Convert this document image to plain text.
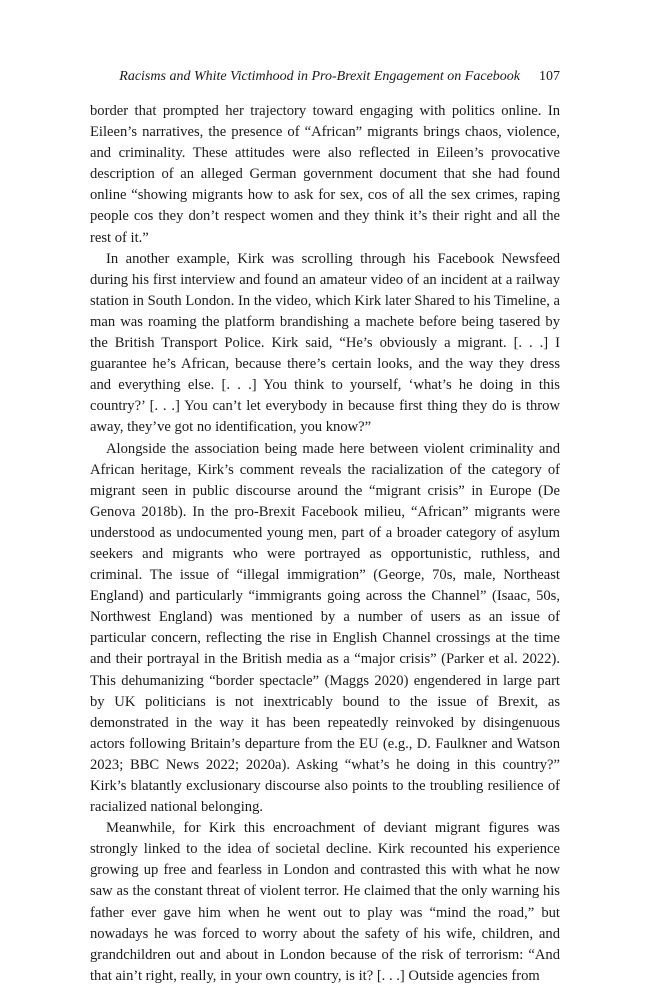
Racisms and White Victimhood in Pro-Brexit Engagement on Facebook 107

border that prompted her trajectory toward engaging with politics online. In Eileen’s narratives, the presence of “African” migrants brings chaos, violence, and criminality. These attitudes were also reflected in Eileen’s provocative description of an alleged German government document that she had found online “showing migrants how to ask for sex, cos of all the sex crimes, raping people cos they don’t respect women and they think it’s their right and all the rest of it.”

In another example, Kirk was scrolling through his Facebook Newsfeed during his first interview and found an amateur video of an incident at a railway station in South London. In the video, which Kirk later Shared to his Timeline, a man was roaming the platform brandishing a machete before being tasered by the British Transport Police. Kirk said, “He’s obviously a migrant. [. . .] I guarantee he’s African, because there’s certain looks, and the way they dress and everything else. [. . .] You think to yourself, ‘what’s he doing in this country?’ [. . .] You can’t let everybody in because first thing they do is throw away, they’ve got no identification, you know?”

Alongside the association being made here between violent criminality and African heritage, Kirk’s comment reveals the racialization of the category of migrant seen in public discourse around the “migrant crisis” in Europe (De Genova 2018b). In the pro-Brexit Facebook milieu, “African” migrants were understood as undocumented young men, part of a broader category of asylum seekers and migrants who were portrayed as opportunistic, ruthless, and criminal. The issue of “illegal immigration” (George, 70s, male, Northeast England) and particularly “immigrants going across the Channel” (Isaac, 50s, Northwest England) was mentioned by a number of users as an issue of particular concern, reflecting the rise in English Channel crossings at the time and their portrayal in the British media as a “major crisis” (Parker et al. 2022). This dehumanizing “border spectacle” (Maggs 2020) engendered in large part by UK politicians is not inextricably bound to the issue of Brexit, as demonstrated in the way it has been repeatedly reinvoked by disingenuous actors following Britain’s departure from the EU (e.g., D. Faulkner and Watson 2023; BBC News 2022; 2020a). Asking “what’s he doing in this country?” Kirk’s blatantly exclusionary discourse also points to the troubling resilience of racialized national belonging.

Meanwhile, for Kirk this encroachment of deviant migrant figures was strongly linked to the idea of societal decline. Kirk recounted his experience growing up free and fearless in London and contrasted this with what he now saw as the constant threat of violent terror. He claimed that the only warning his father ever gave him when he went out to play was “mind the road,” but nowadays he was forced to worry about the safety of his wife, children, and grandchildren out and about in London because of the risk of terrorism: “And that ain’t right, really, in your own country, is it? [. . .] Outside agencies from
